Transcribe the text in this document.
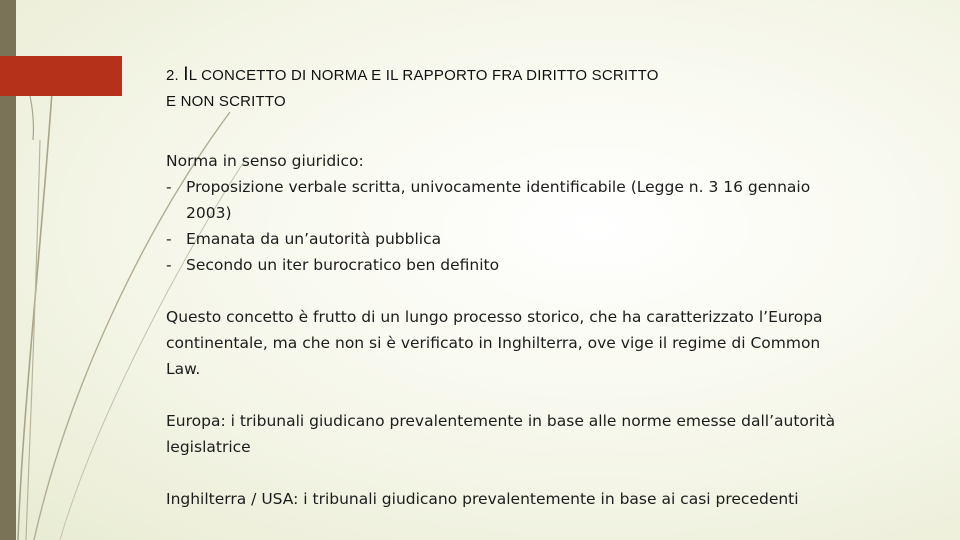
2. IL CONCETTO DI NORMA E IL RAPPORTO FRA DIRITTO SCRITTO
E NON SCRITTO

Norma in senso giuridico:

- Proposizione verbale scritta, univocamente identificabile (Legge n. 3 16 gennaio 2003)
- Emanata da un’autorità pubblica
- Secondo un iter burocratico ben definito

Questo concetto è frutto di un lungo processo storico, che ha caratterizzato l’Europa continentale, ma che non si è verificato in Inghilterra, ove vige il regime di Common Law.

Europa: i tribunali giudicano prevalentemente in base alle norme emesse dall’autorità legislatrice

Inghilterra / USA: i tribunali giudicano prevalentemente in base ai casi precedenti
